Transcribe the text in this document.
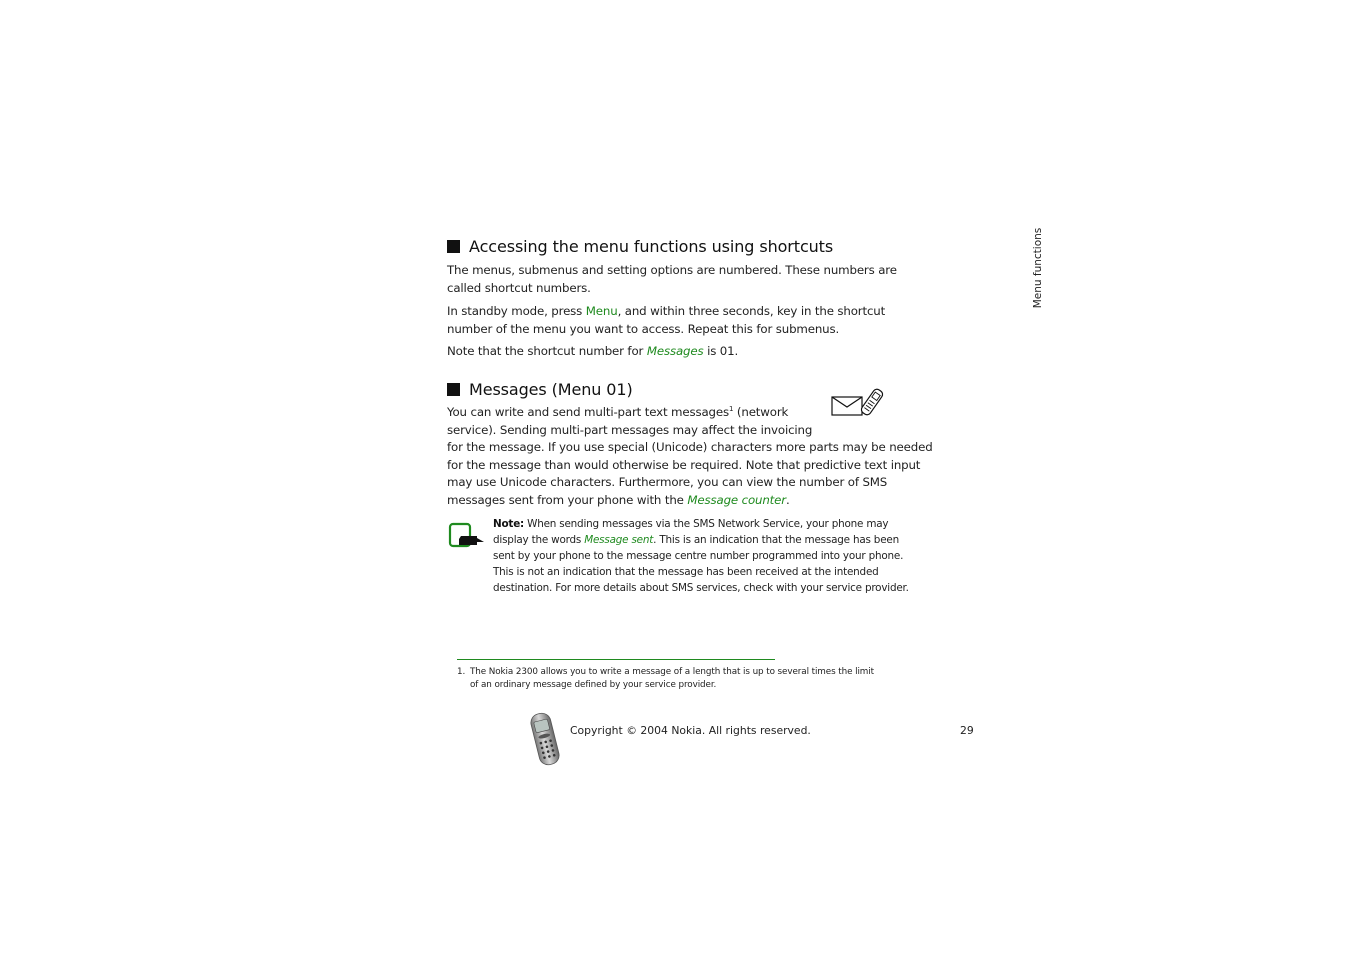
Menu functions
Accessing the menu functions using shortcuts

The menus, submenus and setting options are numbered. These numbers are
called shortcut numbers.

In standby mode, press Menu, and within three seconds, key in the shortcut
number of the menu you want to access. Repeat this for submenus.

Note that the shortcut number for Messages is 01.

Messages (Menu 01)

You can write and send multi-part text messages$^1$ (network
service). Sending multi-part messages may affect the invoicing
for the message. If you use special (Unicode) characters more parts may be needed
for the message than would otherwise be required. Note that predictive text input
may use Unicode characters. Furthermore, you can view the number of SMS
messages sent from your phone with the Message counter.

Note: When sending messages via the SMS Network Service, your phone may
display the words Message sent. This is an indication that the message has been
sent by your phone to the message centre number programmed into your phone.
This is not an indication that the message has been received at the intended
destination. For more details about SMS services, check with your service provider.
1. The Nokia 2300 allows you to write a message of a length that is up to several times the limit
of an ordinary message defined by your service provider.
Copyright © 2004 Nokia. All rights reserved.	29
